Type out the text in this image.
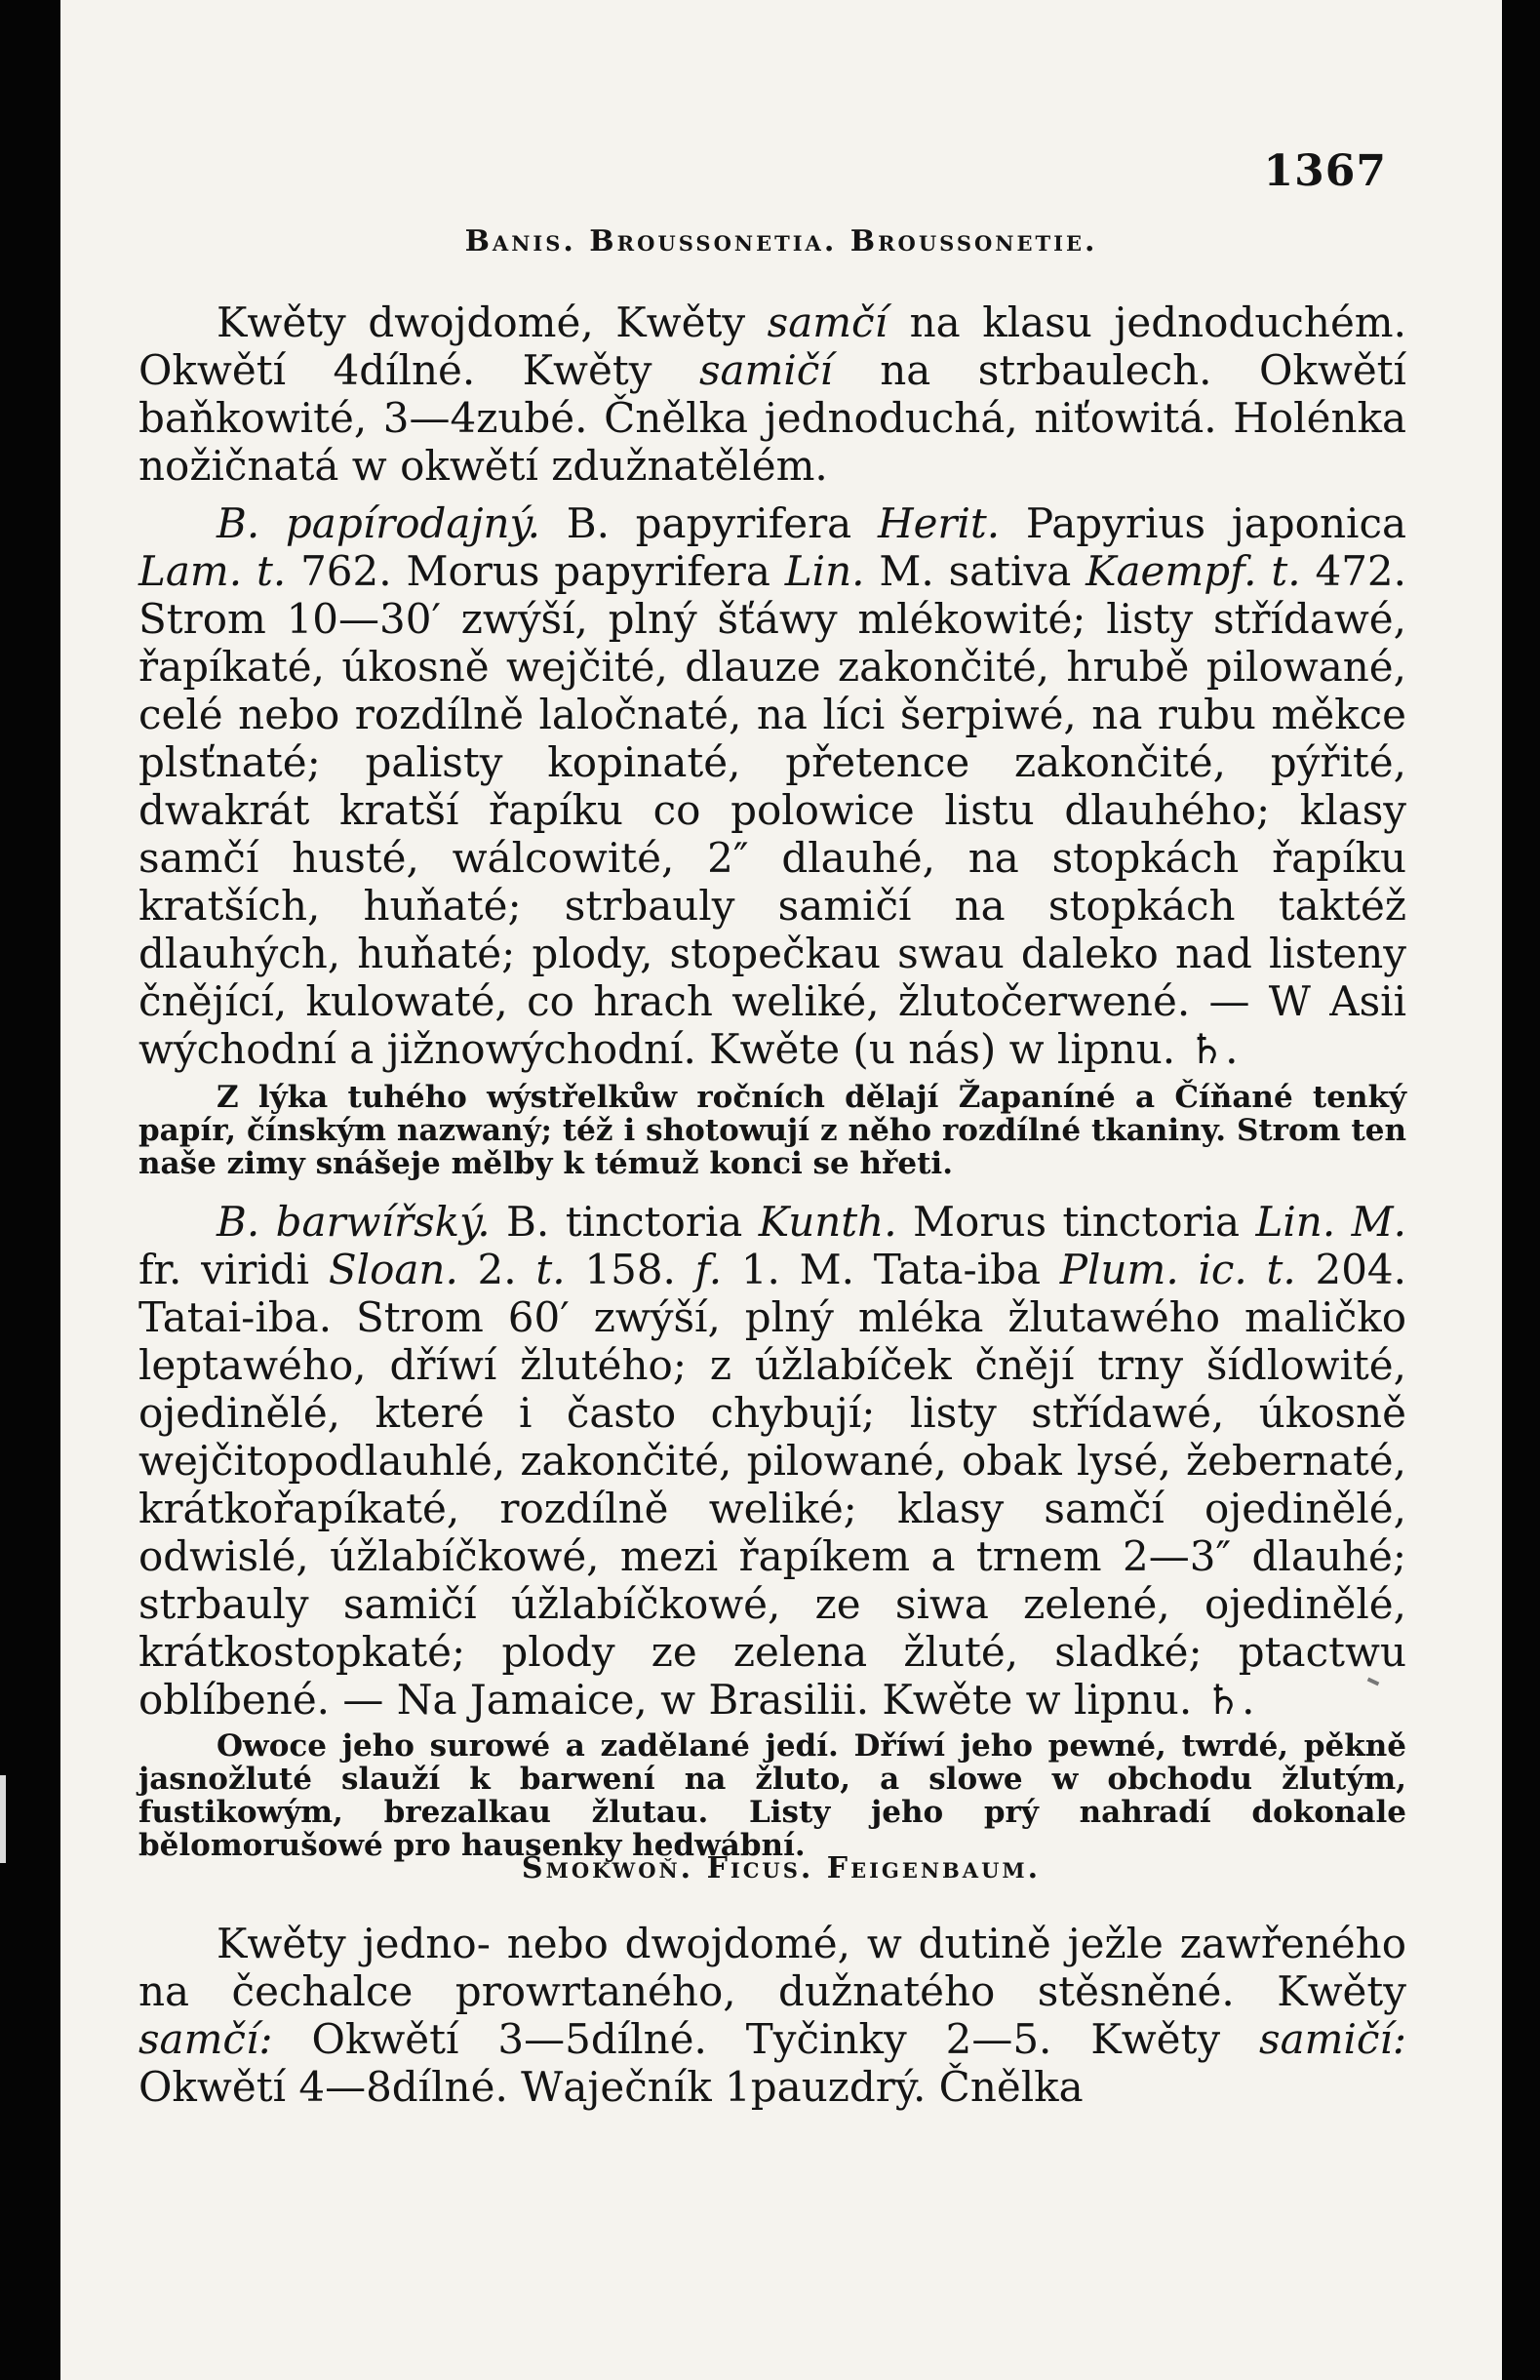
1367
Bαnis. Broussonetia. Broussonetie.

Kwěty dwojdomé, Kwěty samčí na klasu jednoduchém. Okwětí 4dílné. Kwěty samičí na strbaulech. Okwětí baňkowité, 3—4zubé. Čnělka jednoduchá, niťowitá. Holénka nožičnatá w okwětí zdužnatělém.

B. papírodajný. B. papyrifera Herit. Papyrius japonica Lam. t. 762. Morus papyrifera Lin. M. sativa Kaempf. t. 472. Strom 10—30′ zwýší, plný šťáwy mlékowité; listy střídawé, řapíkaté, úkosně wejčité, dlauze zakončité, hrubě pilowané, celé nebo rozdílně laločnaté, na líci šerpiwé, na rubu měkce plsťnaté; palisty kopinaté, přetence zakončité, pýřité, dwakrát kratší řapíku co polowice listu dlauhého; klasy samčí husté, wálcowité, 2″ dlauhé, na stopkách řapíku kratších, huňaté; strbauly samičí na stopkách taktéž dlauhých, huňaté; plody, stopečkau swau daleko nad listeny čnějící, kulowaté, co hrach weliké, žlutočerwené. — W Asii wýchodní a jižnowýchodní. Kwěte (u nás) w lipnu. ♄.

Z lýka tuhého wýstřelkůw ročních dělají Žapaníné a Číňané tenký papír, čínským nazwaný; též i shotowují z něho rozdílné tkaniny. Strom ten naše zimy snášeje mělby k témuž konci se hřeti.

B. barwířský. B. tinctoria Kunth. Morus tinctoria Lin. M. fr. viridi Sloan. 2. t. 158. f. 1. M. Tata-iba Plum. ic. t. 204. Tatai-iba. Strom 60′ zwýší, plný mléka žlutawého maličko leptawého, dříwí žlutého; z úžlabíček čnějí trny šídlowité, ojedinělé, které i často chybují; listy střídawé, úkosně wejčitopodlauhlé, zakončité, pilowané, obak lysé, žebernaté, krátkořapíkaté, rozdílně weliké; klasy samčí ojedinělé, odwislé, úžlabíčkowé, mezi řapíkem a trnem 2—3″ dlauhé; strbauly samičí úžlabíčkowé, ze siwa zelené, ojedinělé, krátkostopkaté; plody ze zelena žluté, sladké; ptactwu oblíbené. — Na Jamaice, w Brasilii. Kwěte w lipnu. ♄.

Owoce jeho surowé a zadělané jedí. Dříwí jeho pewné, twrdé, pěkně jasnožluté slauží k barwení na žluto, a slowe w obchodu žlutým, fustikowým, brezalkau žlutau. Listy jeho prý nahradí dokonale bělomorušowé pro hausenky hedwábní.

Smokwoň. Ficus. Feigenbaum.

Kwěty jedno- nebo dwojdomé, w dutině ježle zawřeného na čechalce prowrtaného, dužnatého stěsněné. Kwěty samčí: Okwětí 3—5dílné. Tyčinky 2—5. Kwěty samičí: Okwětí 4—8dílné. Wаječník 1pauzdrý. Čnělka
